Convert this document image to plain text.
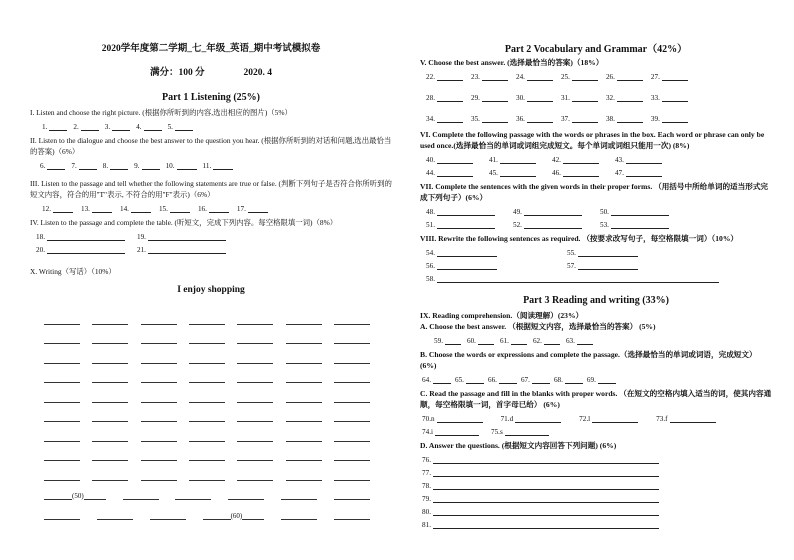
2020学年度第二学期_七_年级_英语_期中考试模拟卷
满分：100 分	2020. 4
Part 1 Listening (25%)
I. Listen and choose the right picture. (根据你所听到的内容,选出相应的图片)（5%）
1.	2.	3.	4.	5.
II. Listen to the dialogue and choose the best answer to the question you hear. (根据你所听到的对话和问题,选出最恰当的答案)（6%）
6.	7.	8.	9.	10.	11.
III. Listen to the passage and tell whether the following statements are true or false. (判断下列句子是否符合你所听到的短文内容，符合的用"T"表示, 不符合的用"F"表示)（6%）
12.	13.	14.	15.	16.	17.
IV. Listen to the passage and complete the table. (听短文，完成下列内容。每空格限填一词)（8%）
18.	19.
20.	21.
X. Writing（写话）（10%）
I enjoy shopping
(50)
(60)
Part 2 Vocabulary and Grammar（42%）
V. Choose the best answer. (选择最恰当的答案)（18%）
22.	23.	24.	25.	26.	27.
28.	29.	30.	31.	32.	33.
34.	35.	36.	37.	38.	39.
VI. Complete the following passage with the words or phrases in the box. Each word or phrase can only be used once.(选择最恰当的单词或词组完成短文。每个单词或词组只能用一次) (8%)
40.	41.	42.	43.
44.	45.	46.	47.
VII. Complete the sentences with the given words in their proper forms. （用括号中所给单词的适当形式完成下列句子）(6%）
48.	49.	50.
51.	52.	53.
VIII. Rewrite the following sentences as required. （按要求改写句子，每空格限填一词）（10%）
54.	55.
56.	57.
58.
Part 3 Reading and writing (33%)
IX. Reading comprehension.（阅读理解）(23%）
A. Choose the best answer. （根据短文内容，选择最恰当的答案） (5%)
59.	60.	61.	62.	63.
B. Choose the words or expressions and complete the passage.（选择最恰当的单词或词语，完成短文） (6%)
64.	65.	66.	67.	68.	69.
C. Read the passage and fill in the blanks with proper words. （在短文的空格内填入适当的词，使其内容通顺，每空格限填一词，首字母已给） (6%)
70.n	71.d	72.l	73.f
74.i	75.s
D. Answer the questions. (根据短文内容回答下列问题) (6%)
76.
77.
78.
79.
80.
81.
